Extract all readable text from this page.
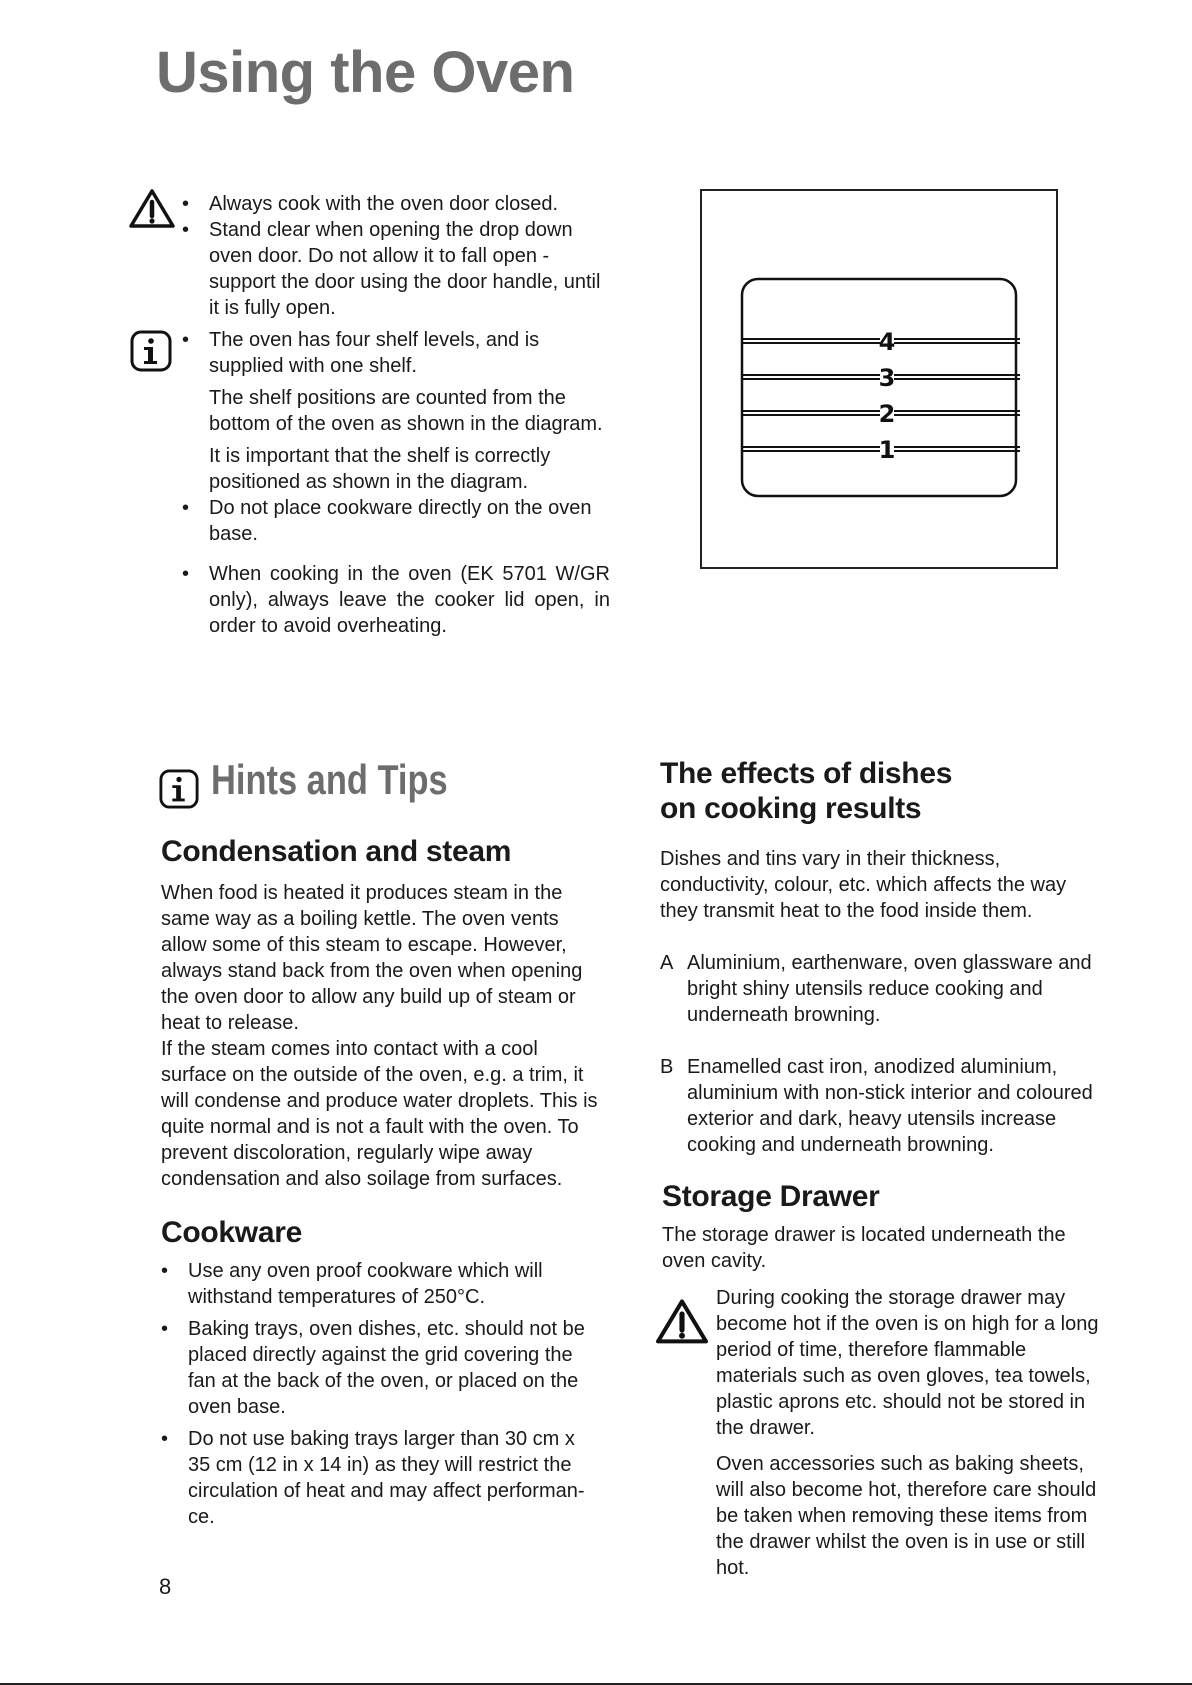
Using the Oven
• Always cook with the oven door closed.

• Stand clear when opening the drop down oven door. Do not allow it to fall open - support the door using the door handle, until it is fully open.

• The oven has four shelf levels, and is supplied with one shelf.

The shelf positions are counted from the bottom of the oven as shown in the diagram.

It is important that the shelf is correctly positioned as shown in the diagram.

• Do not place cookware directly on the oven base.

• When cooking in the oven (EK 5701 W/GR only), always leave the cooker lid open, in order to avoid overheating.

4
3
2
1
Hints and Tips
Condensation and steam

When food is heated it produces steam in the same way as a boiling kettle. The oven vents allow some of this steam to escape. However, always stand back from the oven when opening the oven door to allow any build up of steam or heat to release.

If the steam comes into contact with a cool surface on the outside of the oven, e.g. a trim, it will condense and produce water droplets. This is quite normal and is not a fault with the oven. To prevent discoloration, regularly wipe away condensation and also soilage from surfaces.

Cookware
• Use any oven proof cookware which will withstand temperatures of 250°C.

• Baking trays, oven dishes, etc. should not be placed directly against the grid covering the fan at the back of the oven, or placed on the oven base.

• Do not use baking trays larger than 30 cm x 35 cm (12 in x 14 in) as they will restrict the circulation of heat and may affect performan-ce.

The effects of dishes
on cooking results

Dishes and tins vary in their thickness, conductivity, colour, etc. which affects the way they transmit heat to the food inside them.

A Aluminium, earthenware, oven glassware and bright shiny utensils reduce cooking and underneath browning.
B Enamelled cast iron, anodized aluminium, aluminium with non-stick interior and coloured exterior and dark, heavy utensils increase cooking and underneath browning.
Storage Drawer

The storage drawer is located underneath the oven cavity.

During cooking the storage drawer may become hot if the oven is on high for a long period of time, therefore flammable materials such as oven gloves, tea towels, plastic aprons etc. should not be stored in the drawer.

Oven accessories such as baking sheets, will also become hot, therefore care should be taken when removing these items from the drawer whilst the oven is in use or still hot.

8
